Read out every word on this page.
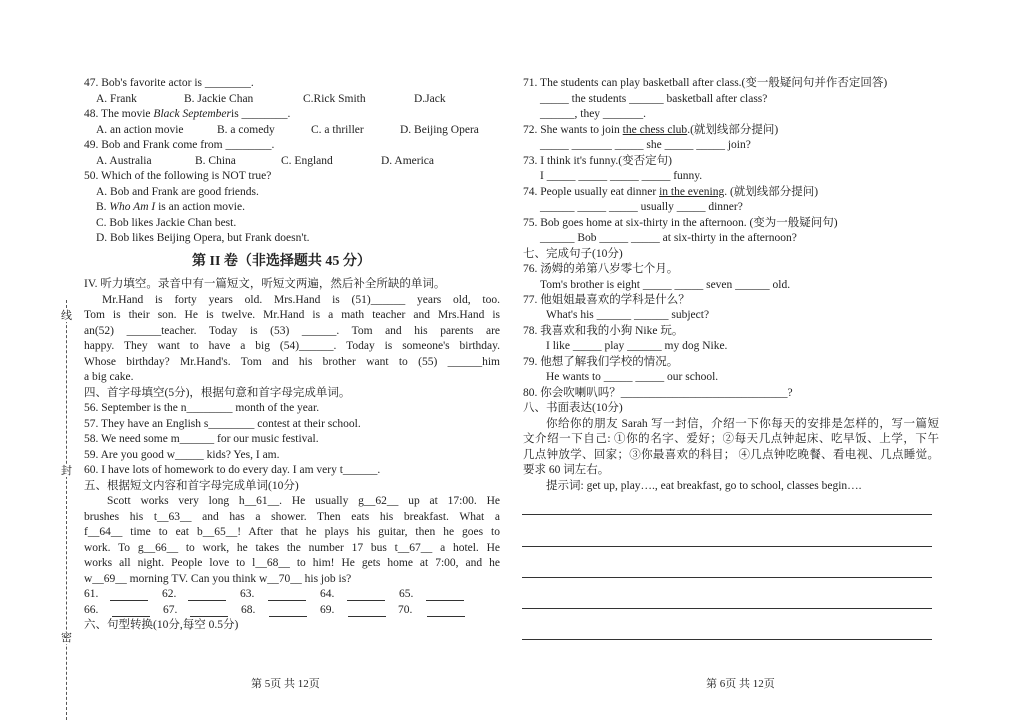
线
封
密
47. Bob's favorite actor is ________.
A. Frank	B. Jackie Chan	C.Rick Smith	D.Jack
48. The movie Black Septemberis ________.
A. an action movie	B. a comedy	C. a thriller	D. Beijing Opera
49. Bob and Frank come from ________.
A. Australia	B. China	C. England	D. America
50. Which of the following is NOT true?
A. Bob and Frank are good friends.
B. Who Am I is an action movie.
C. Bob likes Jackie Chan best.
D. Bob likes Beijing Opera, but Frank doesn't.
第 II 卷（非选择题共 45 分）
IV. 听力填空。录音中有一篇短文，听短文两遍，然后补全所缺的单词。
Mr.Hand is forty years old. Mrs.Hand is (51)______ years old, too.
Tom is their son. He is twelve. Mr.Hand is a math teacher and Mrs.Hand is
an(52) ______teacher. Today is (53) ______. Tom and his parents are
happy. They want to have a big (54)______. Today is someone's birthday.
Whose birthday? Mr.Hand's. Tom and his brother want to (55) ______him
a big cake.
四、首字母填空(5分)，根据句意和首字母完成单词。
56. September is the n________ month of the year.
57. They have an English s________ contest at their school.
58. We need some m______ for our music festival.
59. Are you good w_____ kids? Yes, I am.
60. I have lots of homework to do every day. I am very t______.
五、根据短文内容和首字母完成单词(10分)
Scott works very long h__61__. He usually g__62__ up at 17:00. He
brushes his t__63__ and has a shower. Then eats his breakfast. What a
f__64__ time to eat b__65__! After that he plays his guitar, then he goes to
work. To g__66__ to work, he takes the number 17 bus t__67__ a hotel. He
works all night. People love to l__68__ to him! He gets home at 7:00, and he
w__69__ morning TV. Can you think w__70__ his job is?
61.	62.	63.	64.	65.
66.	67.	68.	69.	70.
六、句型转换(10分,每空 0.5分)
第 5页 共 12页
71. The students can play basketball after class.(变一般疑问句并作否定回答)
_____ the students ______ basketball after class?
______, they _______.
72. She wants to join the chess club.(就划线部分提问)
_____ _______ _____ she _____ _____ join?
73. I think it's funny.(变否定句)
I _____ _____ _____ _____ funny.
74. People usually eat dinner in the evening. (就划线部分提问)
______ _____ _____ usually _____ dinner?
75. Bob goes home at six-thirty in the afternoon. (变为一般疑问句)
______ Bob _____ _____ at six-thirty in the afternoon?
七、完成句子(10分)
76. 汤姆的弟第八岁零七个月。
Tom's brother is eight _____ _____ seven ______ old.
77. 他姐姐最喜欢的学科是什么？
What's his ______ ______ subject?
78. 我喜欢和我的小狗 Nike 玩。
I like _____ play ______ my dog Nike.
79. 他想了解我们学校的情况。
He wants to _____ _____ our school.
80. 你会吹喇叭吗？_____________________________?
八、书面表达(10分)
你给你的朋友 Sarah 写一封信，介绍一下你每天的安排是怎样的，写一篇短
文介绍一下自己: ①你的名字、爱好；②每天几点钟起床、吃早饭、上学，下午
几点钟放学、回家；③你最喜欢的科目； ④几点钟吃晚餐、看电视、几点睡觉。
要求 60 词左右。
提示词: get up, play…., eat breakfast, go to school, classes begin….
第 6页 共 12页
